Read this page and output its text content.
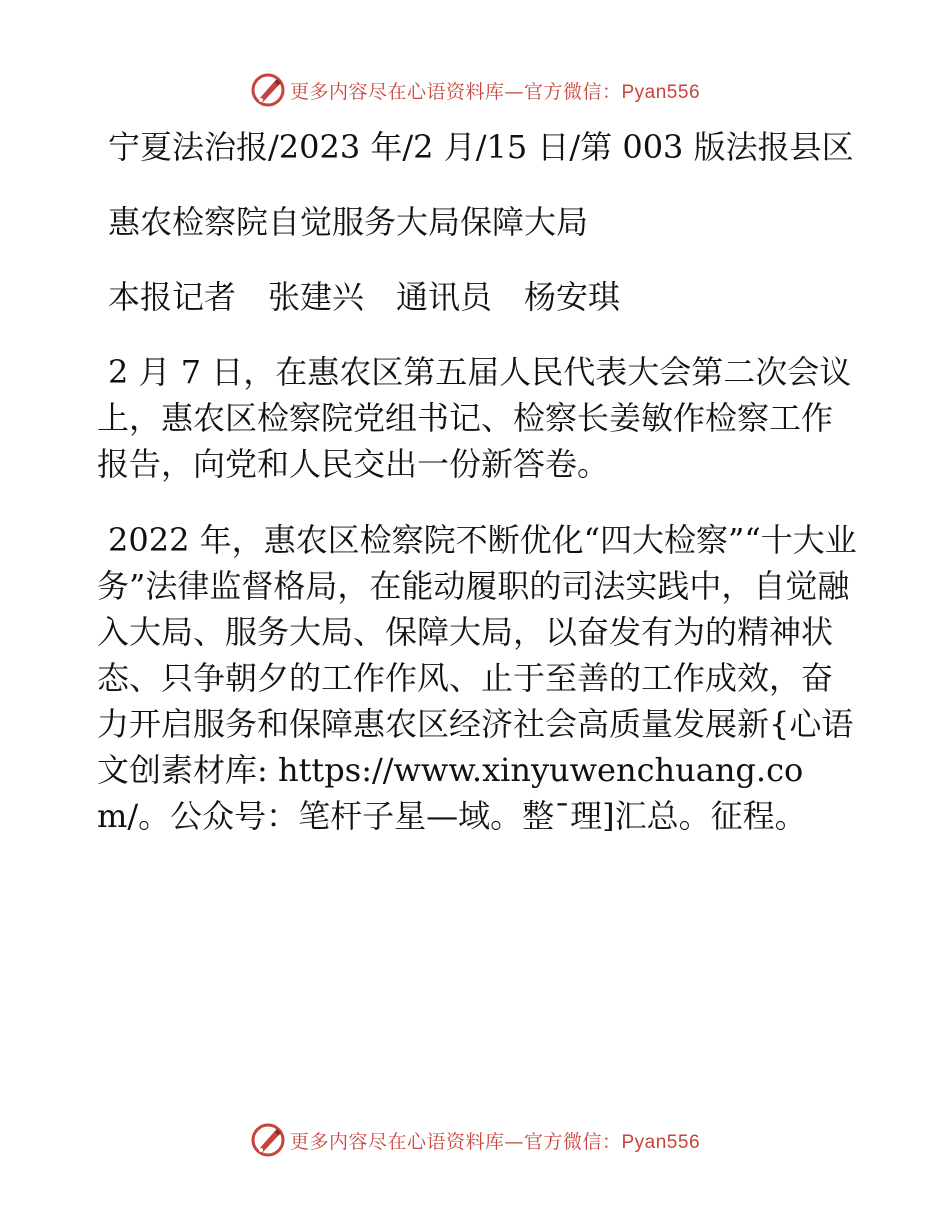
更多内容尽在心语资料库—官方微信：Pyan556

宁夏法治报/2023 年/2 月/15 日/第 003 版法报县区

惠农检察院自觉服务大局保障大局

本报记者　张建兴　通讯员　杨安琪

2 月 7 日，在惠农区第五届人民代表大会第二次会议上，惠农区检察院党组书记、检察长姜敏作检察工作报告，向党和人民交出一份新答卷。

2022 年，惠农区检察院不断优化“四大检察”“十大业务”法律监督格局，在能动履职的司法实践中，自觉融入大局、服务大局、保障大局，以奋发有为的精神状态、只争朝夕的工作作风、止于至善的工作成效，奋力开启服务和保障惠农区经济社会高质量发展新{心语文创素材库: https://www.xinyuwenchuang.com/。公众号：笔杆子星—域。整¯理]汇总。征程。

更多内容尽在心语资料库—官方微信：Pyan556
